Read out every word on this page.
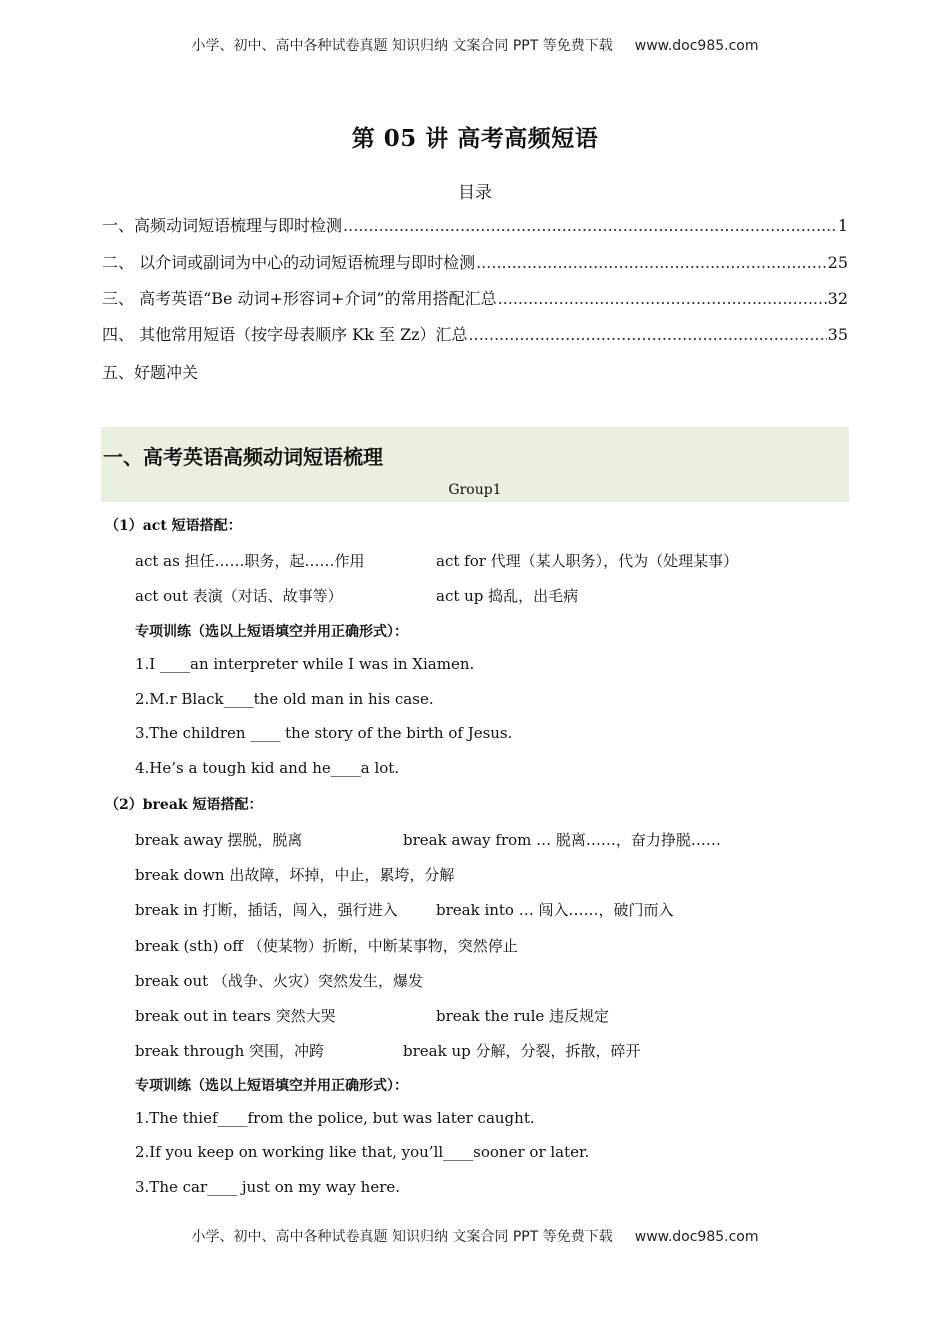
小学、初中、高中各种试卷真题 知识归纳 文案合同 PPT 等免费下载 www.doc985.com
第 05 讲 高考高频短语
目录
一、高频动词短语梳理与即时检测 .....	1
二、 以介词或副词为中心的动词短语梳理与即时检测 .....	25
三、 高考英语“Be 动词+形容词+介词”的常用搭配汇总 .....	32
四、 其他常用短语（按字母表顺序 Kk 至 Zz）汇总 .....	35
五、好题冲关
一、高考英语高频动词短语梳理
Group1
（1）act 短语搭配：
act as 担任……职务，起……作用	act for 代理（某人职务），代为（处理某事）
act out 表演（对话、故事等）	act up 捣乱，出毛病
专项训练（选以上短语填空并用正确形式）：
1.I ____an interpreter while I was in Xiamen.
2.M.r Black____the old man in his case.
3.The children ____ the story of the birth of Jesus.
4.He’s a tough kid and he____a lot.
（2）break 短语搭配：
break away 摆脱，脱离	break away from … 脱离……，奋力挣脱……
break down 出故障，坏掉，中止，累垮，分解
break in 打断，插话，闯入，强行进入	break into … 闯入……，破门而入
break (sth) off （使某物）折断，中断某事物，突然停止
break out （战争、火灾）突然发生，爆发
break out in tears 突然大哭	break the rule 违反规定
break through 突围，冲跨	break up 分解，分裂，拆散，碎开
专项训练（选以上短语填空并用正确形式）：
1.The thief____from the police, but was later caught.
2.If you keep on working like that, you’ll____sooner or later.
3.The car____ just on my way here.
小学、初中、高中各种试卷真题 知识归纳 文案合同 PPT 等免费下载 www.doc985.com
